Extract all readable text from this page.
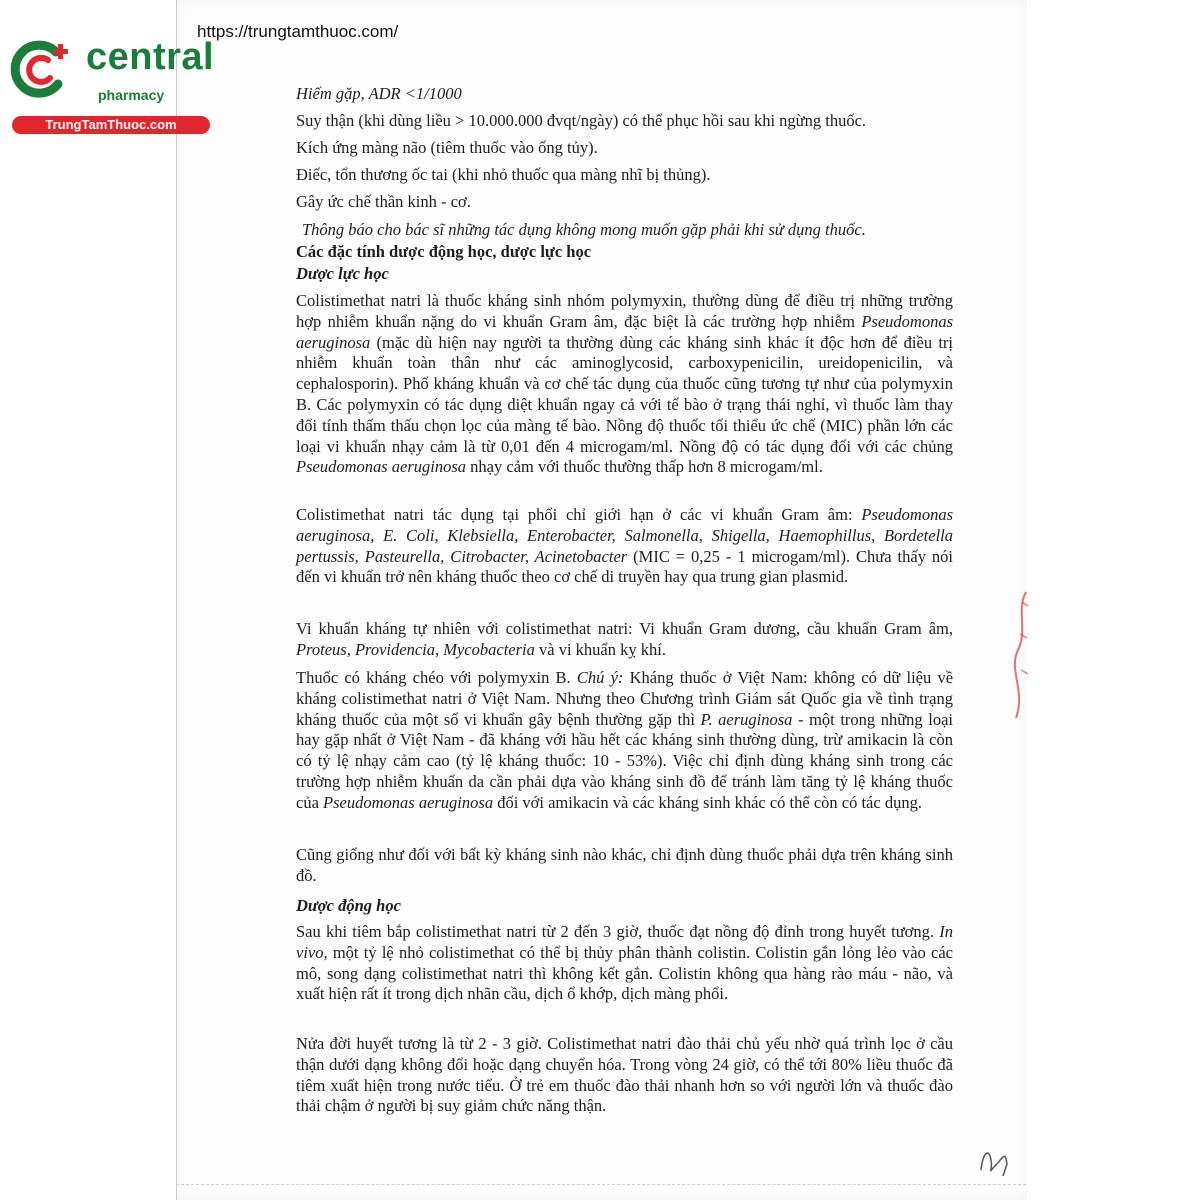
https://trungtamthuoc.com/
central
pharmacy
TrungTamThuoc.com
Hiếm gặp, ADR <1/1000
Suy thận (khi dùng liều > 10.000.000 đvqt/ngày) có thể phục hồi sau khi ngừng thuốc.
Kích ứng màng não (tiêm thuốc vào ống tủy).
Điếc, tổn thương ốc tai (khi nhỏ thuốc qua màng nhĩ bị thủng).
Gây ức chế thần kinh - cơ.
Thông báo cho bác sĩ những tác dụng không mong muốn gặp phải khi sử dụng thuốc.
Các đặc tính dược động học, dược lực học
Dược lực học
Colistimethat natri là thuốc kháng sinh nhóm polymyxin, thường dùng để điều trị những trường hợp nhiễm khuẩn nặng do vi khuẩn Gram âm, đặc biệt là các trường hợp nhiễm Pseudomonas aeruginosa (mặc dù hiện nay người ta thường dùng các kháng sinh khác ít độc hơn để điều trị nhiễm khuẩn toàn thân như các aminoglycosid, carboxypenicilin, ureidopenicilin, và cephalosporin). Phổ kháng khuẩn và cơ chế tác dụng của thuốc cũng tương tự như của polymyxin B. Các polymyxin có tác dụng diệt khuẩn ngay cả với tế bào ở trạng thái nghỉ, vì thuốc làm thay đổi tính thấm thấu chọn lọc của màng tế bào. Nồng độ thuốc tối thiểu ức chế (MIC) phần lớn các loại vi khuẩn nhạy cảm là từ 0,01 đến 4 microgam/ml. Nồng độ có tác dụng đối với các chủng Pseudomonas aeruginosa nhạy cảm với thuốc thường thấp hơn 8 microgam/ml.
Colistimethat natri tác dụng tại phổi chỉ giới hạn ở các vi khuẩn Gram âm: Pseudomonas aeruginosa, E. Coli, Klebsiella, Enterobacter, Salmonella, Shigella, Haemophillus, Bordetella pertussis, Pasteurella, Citrobacter, Acinetobacter (MIC = 0,25 - 1 microgam/ml). Chưa thấy nói đến vi khuẩn trở nên kháng thuốc theo cơ chế di truyền hay qua trung gian plasmid.
Vi khuẩn kháng tự nhiên với colistimethat natri: Vi khuẩn Gram dương, cầu khuẩn Gram âm, Proteus, Providencia, Mycobacteria và vi khuẩn kỵ khí.
Thuốc có kháng chéo với polymyxin B. Chú ý: Kháng thuốc ở Việt Nam: không có dữ liệu về kháng colistimethat natri ở Việt Nam. Nhưng theo Chương trình Giám sát Quốc gia về tình trạng kháng thuốc của một số vi khuẩn gây bệnh thường gặp thì P. aeruginosa - một trong những loại hay gặp nhất ở Việt Nam - đã kháng với hầu hết các kháng sinh thường dùng, trừ amikacin là còn có tỷ lệ nhạy cảm cao (tỷ lệ kháng thuốc: 10 - 53%). Việc chỉ định dùng kháng sinh trong các trường hợp nhiễm khuẩn da cần phải dựa vào kháng sinh đồ để tránh làm tăng tỷ lệ kháng thuốc của Pseudomonas aeruginosa đối với amikacin và các kháng sinh khác có thể còn có tác dụng.
Cũng giống như đối với bất kỳ kháng sinh nào khác, chỉ định dùng thuốc phải dựa trên kháng sinh đồ.
Dược động học
Sau khi tiêm bắp colistimethat natri từ 2 đến 3 giờ, thuốc đạt nồng độ đỉnh trong huyết tương. In vivo, một tỷ lệ nhỏ colistimethat có thể bị thủy phân thành colistin. Colistin gắn lỏng lẻo vào các mô, song dạng colistimethat natri thì không kết gắn. Colistin không qua hàng rào máu - não, và xuất hiện rất ít trong dịch nhãn cầu, dịch ổ khớp, dịch màng phổi.
Nửa đời huyết tương là từ 2 - 3 giờ. Colistimethat natri đào thải chủ yếu nhờ quá trình lọc ở cầu thận dưới dạng không đổi hoặc dạng chuyển hóa. Trong vòng 24 giờ, có thể tới 80% liều thuốc đã tiêm xuất hiện trong nước tiểu. Ở trẻ em thuốc đào thải nhanh hơn so với người lớn và thuốc đào thải chậm ở người bị suy giảm chức năng thận.
